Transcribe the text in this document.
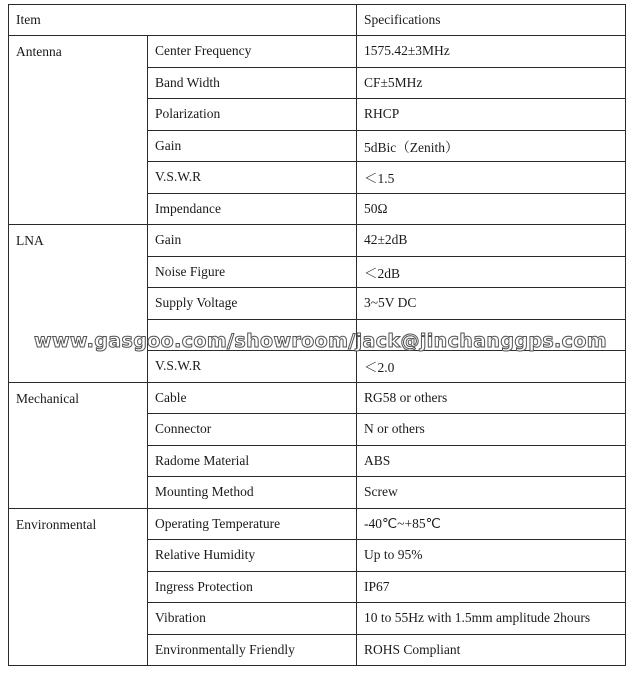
Item		Specifications
Antenna	Center Frequency	1575.42±3MHz
	Band Width	CF±5MHz
	Polarization	RHCP
	Gain	5dBic（Zenith）
	V.S.W.R	＜1.5
	Impendance	50Ω
LNA	Gain	42±2dB
	Noise Figure	＜2dB
	Supply Voltage	3~5V DC

	V.S.W.R	＜2.0
Mechanical	Cable	RG58 or others
	Connector	N or others
	Radome Material	ABS
	Mounting Method	Screw
Environmental	Operating Temperature	-40℃~+85℃
	Relative Humidity	Up to 95%
	Ingress Protection	IP67
	Vibration	10 to 55Hz with 1.5mm amplitude 2hours
	Environmentally Friendly	ROHS Compliant
www.gasgoo.com/showroom/jack@jinchanggps.com
